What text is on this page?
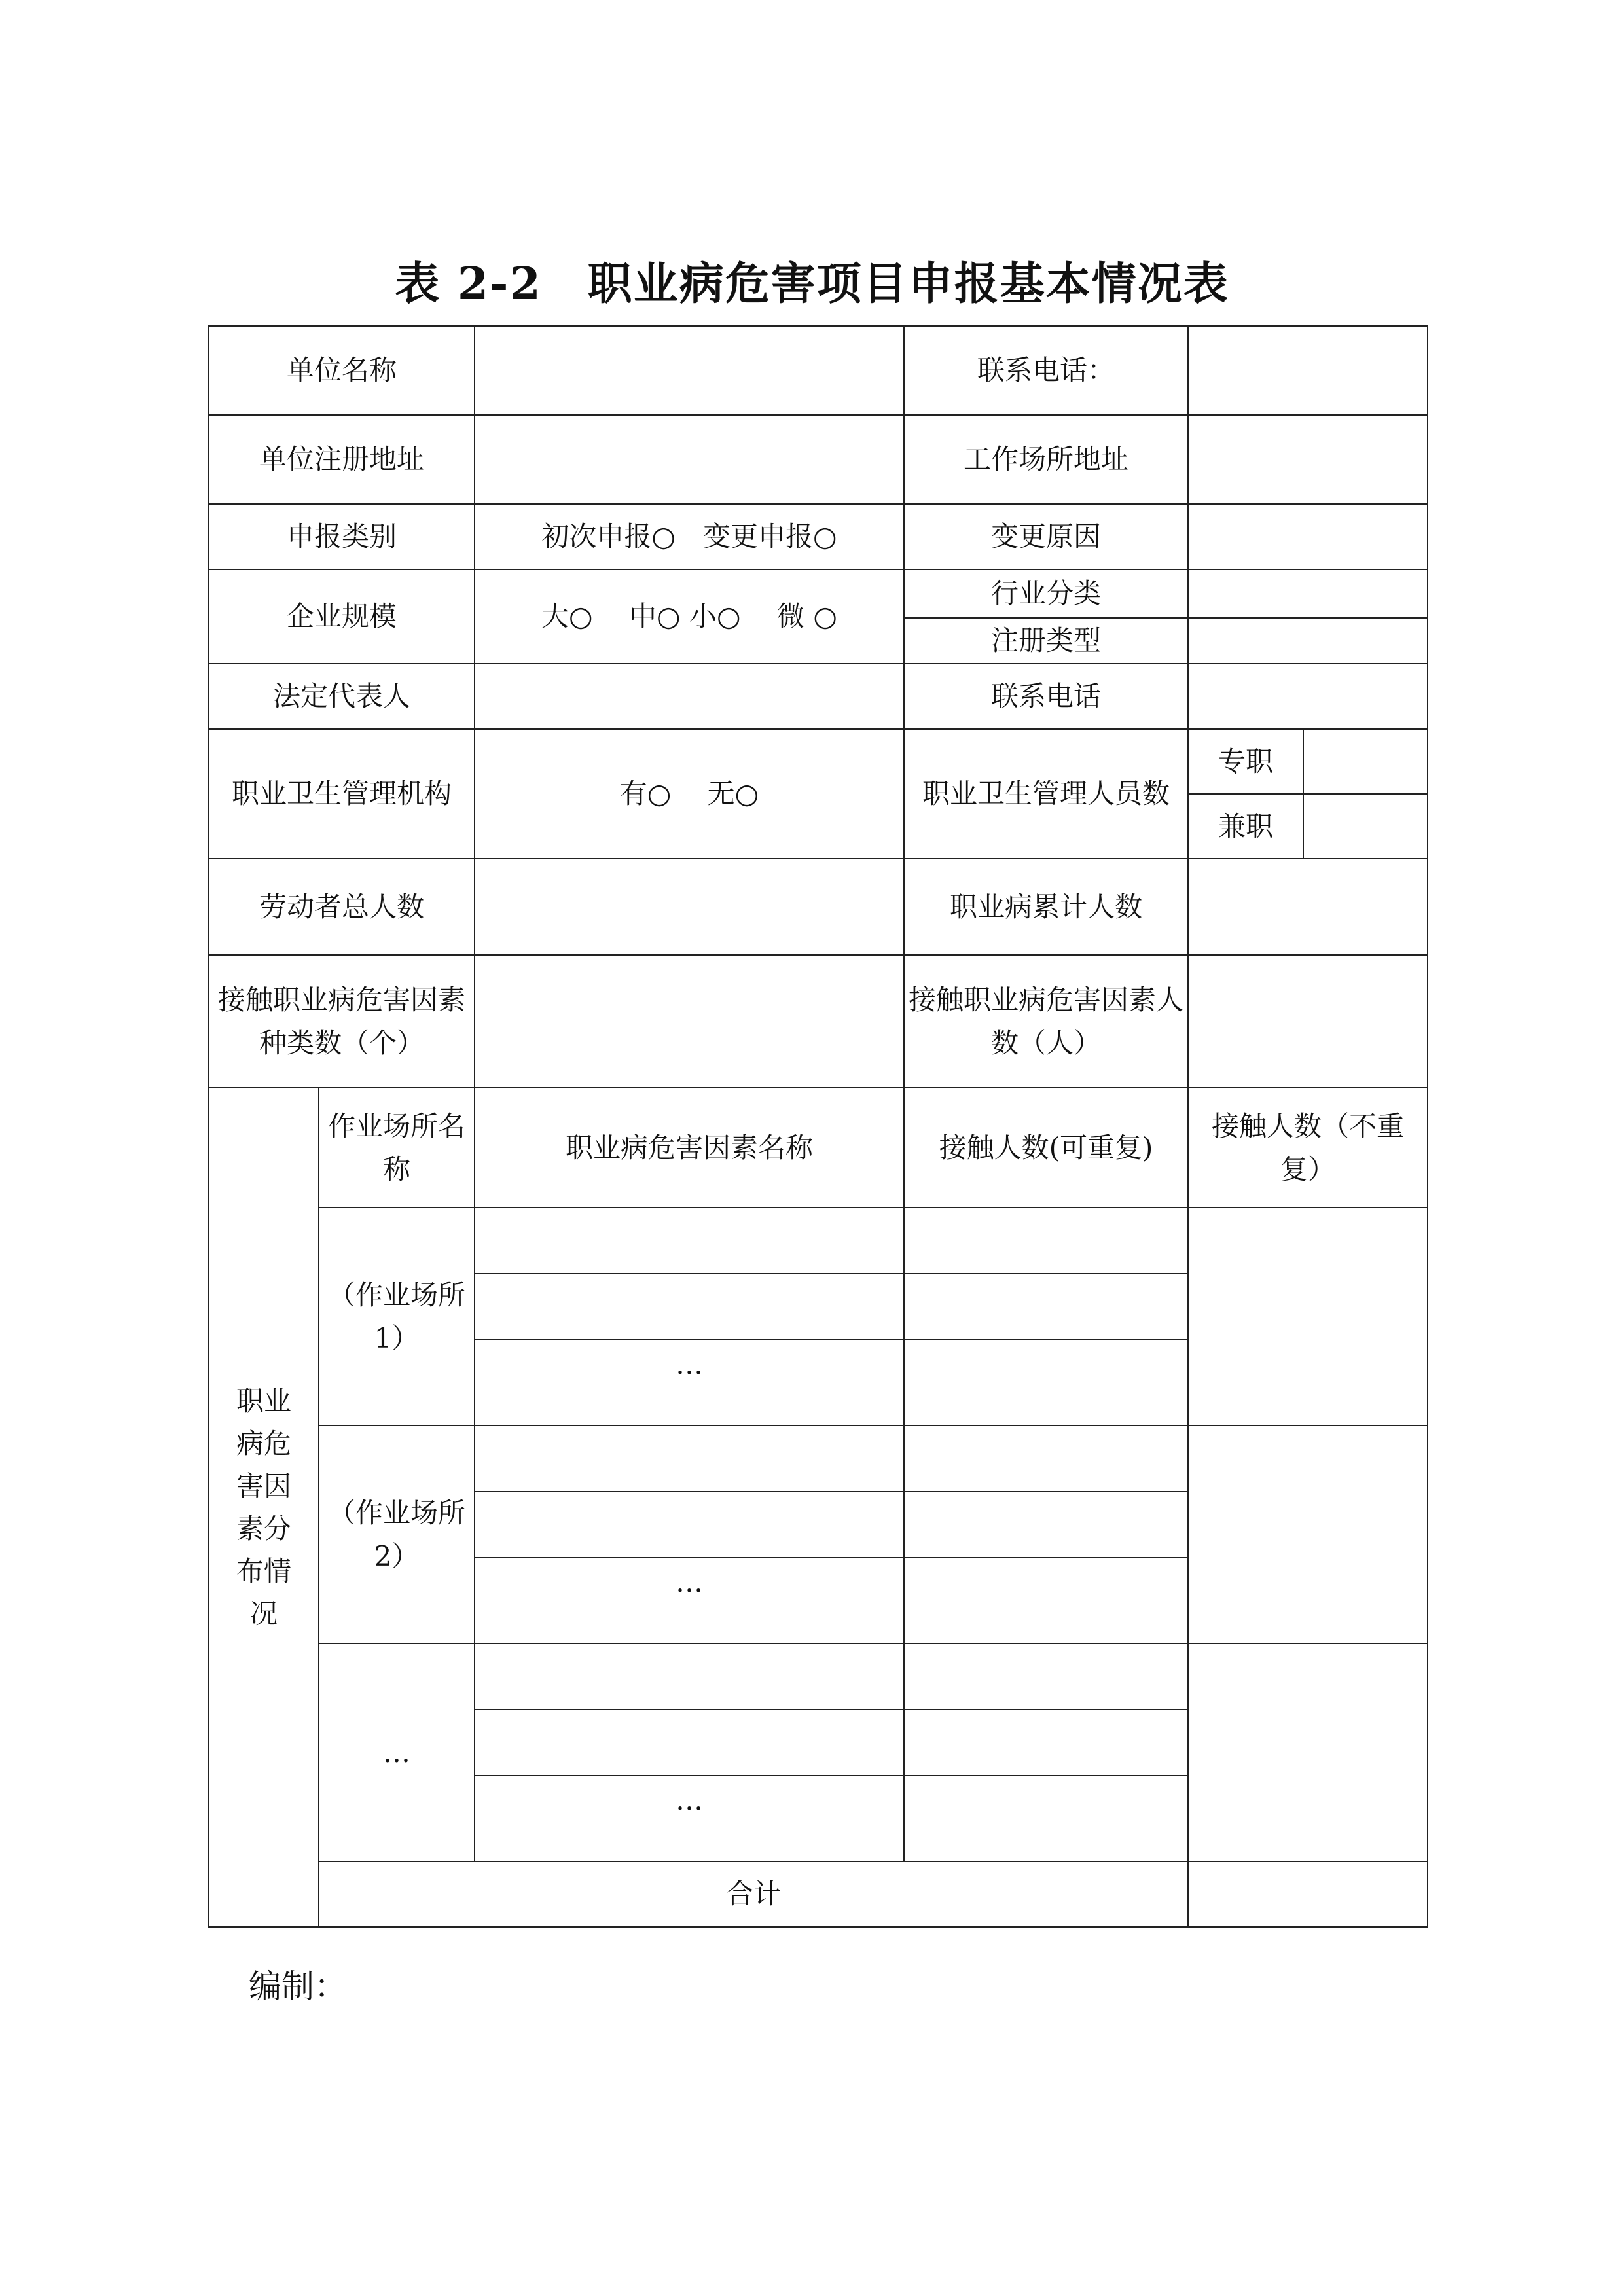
表 2-2　职业病危害项目申报基本情况表
单位名称			联系电话：		
单位注册地址			工作场所地址		
申报类别		初次申报○　变更申报○	变更原因		
企业规模		大○　 中○ 小○　 微 ○	行业分类		
			注册类型		
法定代表人			联系电话		
职业卫生管理机构		有○　 无○	职业卫生管理人员数	专职	
				兼职	
劳动者总人数			职业病累计人数		
接触职业病危害因素种类数（个）			接触职业病危害因素人数（人）		
职业病危害因素分布情况	作业场所名称	职业病危害因素名称	接触人数(可重复)	接触人数（不重复）	
	（作业场所 1）				

		…			
	（作业场所 2）				

		…			
	…				

		…			
	合计				
编制：
